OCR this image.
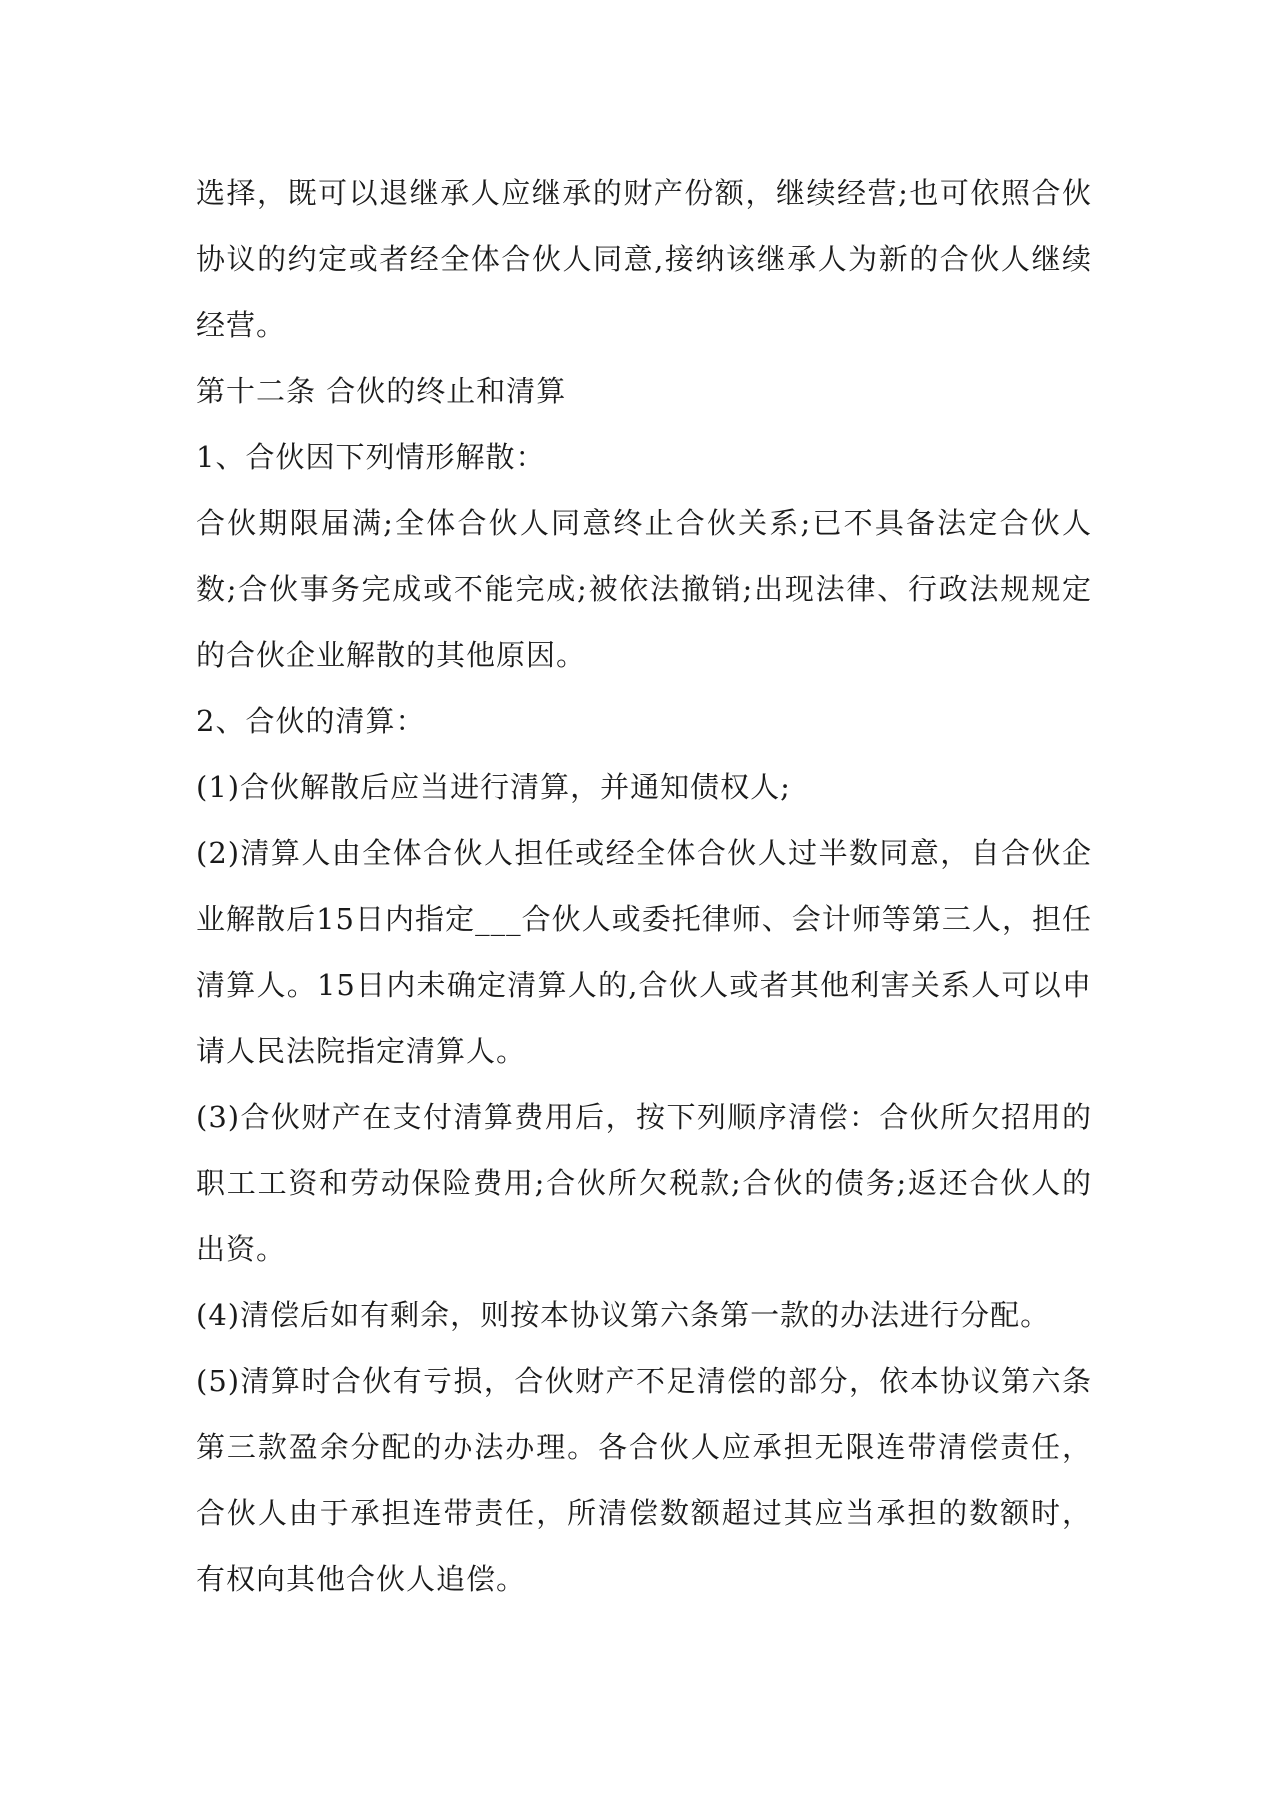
选择，既可以退继承人应继承的财产份额，继续经营;也可依照合伙协议的约定或者经全体合伙人同意,接纳该继承人为新的合伙人继续经营。

第十二条 合伙的终止和清算

1、合伙因下列情形解散：

合伙期限届满;全体合伙人同意终止合伙关系;已不具备法定合伙人数;合伙事务完成或不能完成;被依法撤销;出现法律、行政法规规定的合伙企业解散的其他原因。

2、合伙的清算：

(1)合伙解散后应当进行清算，并通知债权人;

(2)清算人由全体合伙人担任或经全体合伙人过半数同意，自合伙企业解散后15日内指定___合伙人或委托律师、会计师等第三人，担任清算人。15日内未确定清算人的,合伙人或者其他利害关系人可以申请人民法院指定清算人。

(3)合伙财产在支付清算费用后，按下列顺序清偿：合伙所欠招用的职工工资和劳动保险费用;合伙所欠税款;合伙的债务;返还合伙人的出资。

(4)清偿后如有剩余，则按本协议第六条第一款的办法进行分配。

(5)清算时合伙有亏损，合伙财产不足清偿的部分，依本协议第六条第三款盈余分配的办法办理。各合伙人应承担无限连带清偿责任，合伙人由于承担连带责任，所清偿数额超过其应当承担的数额时，有权向其他合伙人追偿。
